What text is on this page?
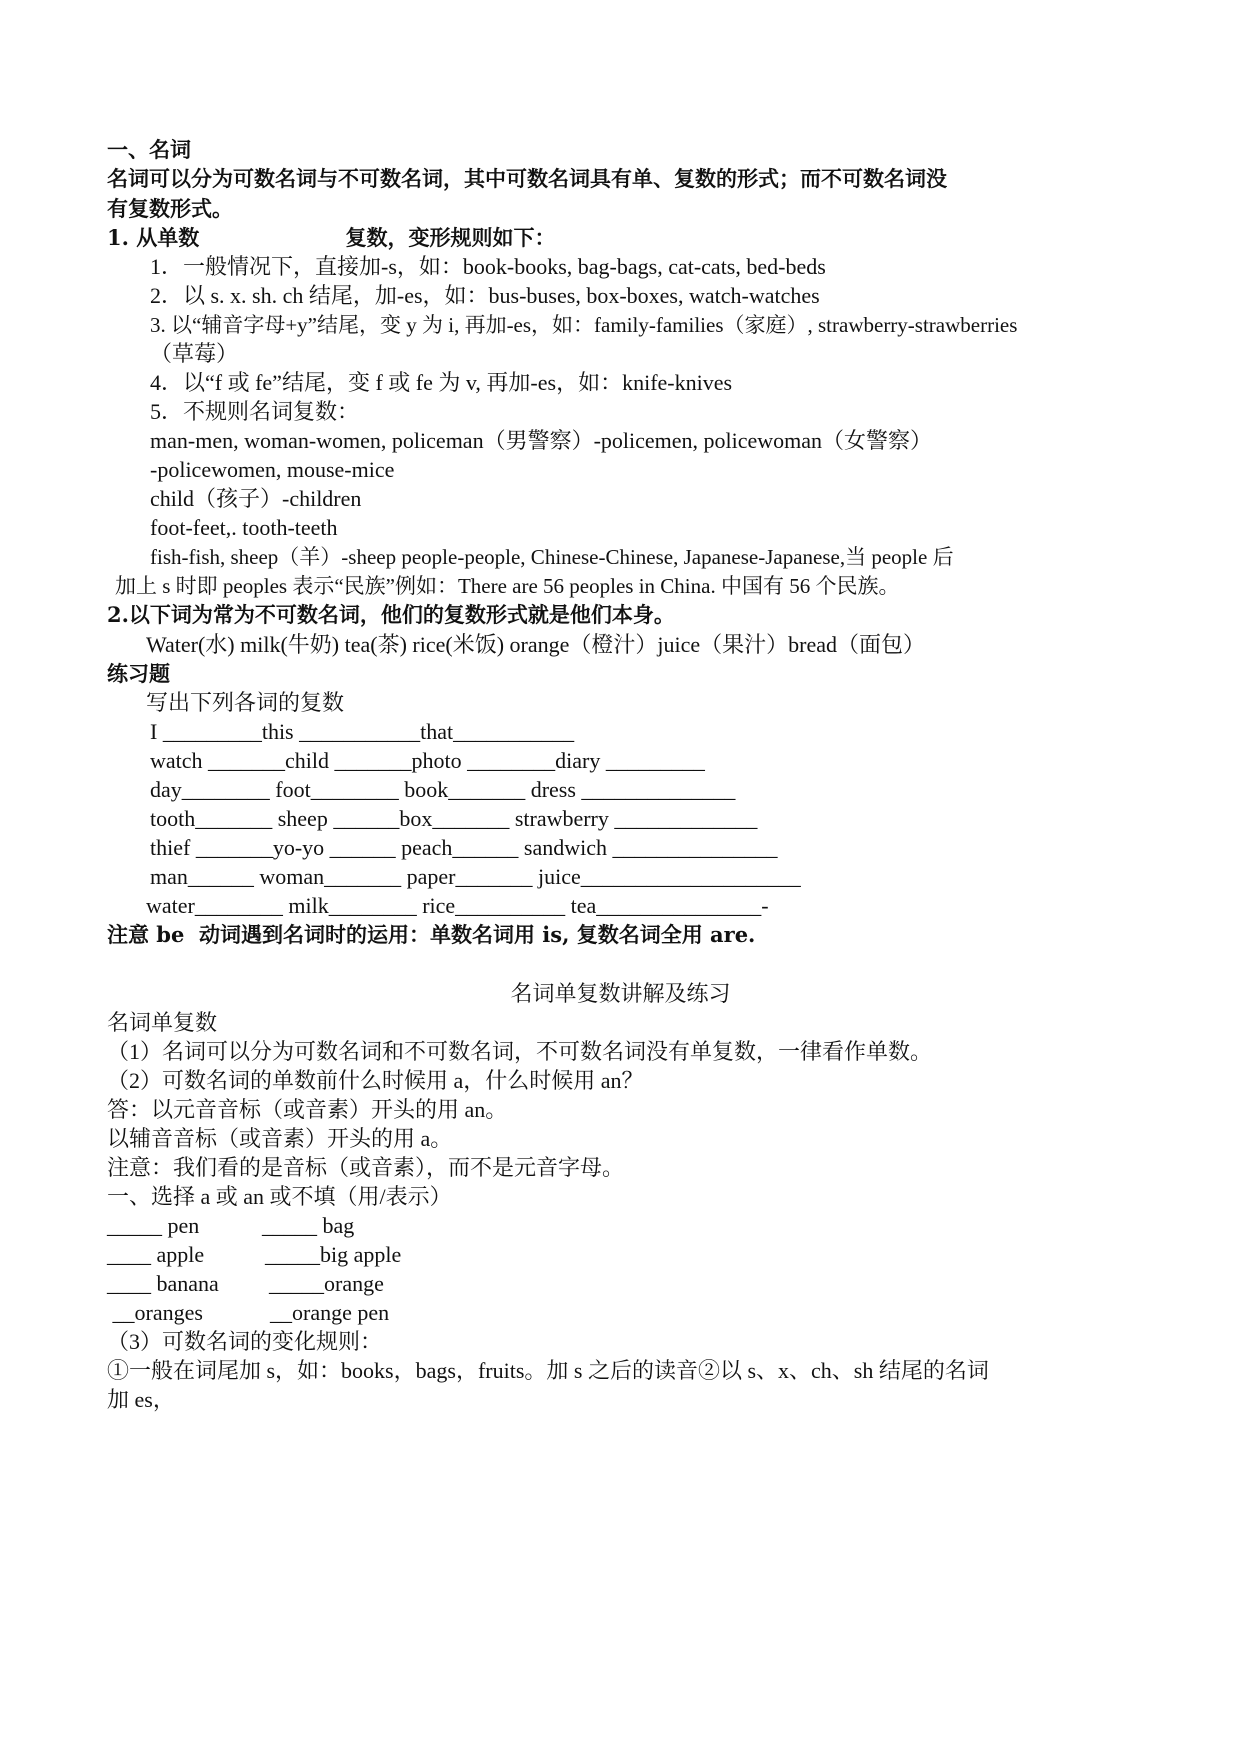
一、名词
名词可以分为可数名词与不可数名词，其中可数名词具有单、复数的形式；而不可数名词没
有复数形式。
1. 从单数                    复数，变形规则如下：
1．一般情况下，直接加-s，如：book-books, bag-bags, cat-cats, bed-beds
2．以 s. x. sh. ch 结尾，加-es，如：bus-buses, box-boxes, watch-watches
3. 以“辅音字母+y”结尾，变 y 为 i, 再加-es，如：family-families（家庭）, strawberry-strawberries
（草莓）
4．以“f 或 fe”结尾，变 f 或 fe 为 v, 再加-es，如：knife-knives
5．不规则名词复数：
man-men, woman-women, policeman（男警察）-policemen, policewoman（女警察）
-policewomen, mouse-mice
child（孩子）-children
foot-feet,. tooth-teeth
fish-fish, sheep（羊）-sheep people-people, Chinese-Chinese, Japanese-Japanese,当 people 后
加上 s 时即 peoples 表示“民族”例如：There are 56 peoples in China. 中国有 56 个民族。
2.以下词为常为不可数名词，他们的复数形式就是他们本身。
Water(水) milk(牛奶) tea(茶) rice(米饭) orange（橙汁）juice（果汁）bread（面包）
练习题
写出下列各词的复数
I _________this ___________that___________
watch _______child _______photo ________diary _________
day________ foot________ book_______ dress ______________
tooth_______ sheep ______box_______ strawberry _____________
thief _______yo-yo ______ peach______ sandwich _______________
man______ woman_______ paper_______ juice____________________
water________ milk________ rice__________ tea_______________-
注意 be  动词遇到名词时的运用：单数名词用 is, 复数名词全用 are.
名词单复数讲解及练习
名词单复数
（1）名词可以分为可数名词和不可数名词，不可数名词没有单复数，一律看作单数。
（2）可数名词的单数前什么时候用 a，什么时候用 an？
答：以元音音标（或音素）开头的用 an。
以辅音音标（或音素）开头的用 a。
注意：我们看的是音标（或音素），而不是元音字母。
一、选择 a 或 an 或不填（用/表示）
_____ pen	_____ bag
____ apple	_____big apple
____ banana _____orange
__oranges	__orange pen
（3）可数名词的变化规则：
①一般在词尾加 s，如：books，bags，fruits。加 s 之后的读音②以 s、x、ch、sh 结尾的名词
加 es，
